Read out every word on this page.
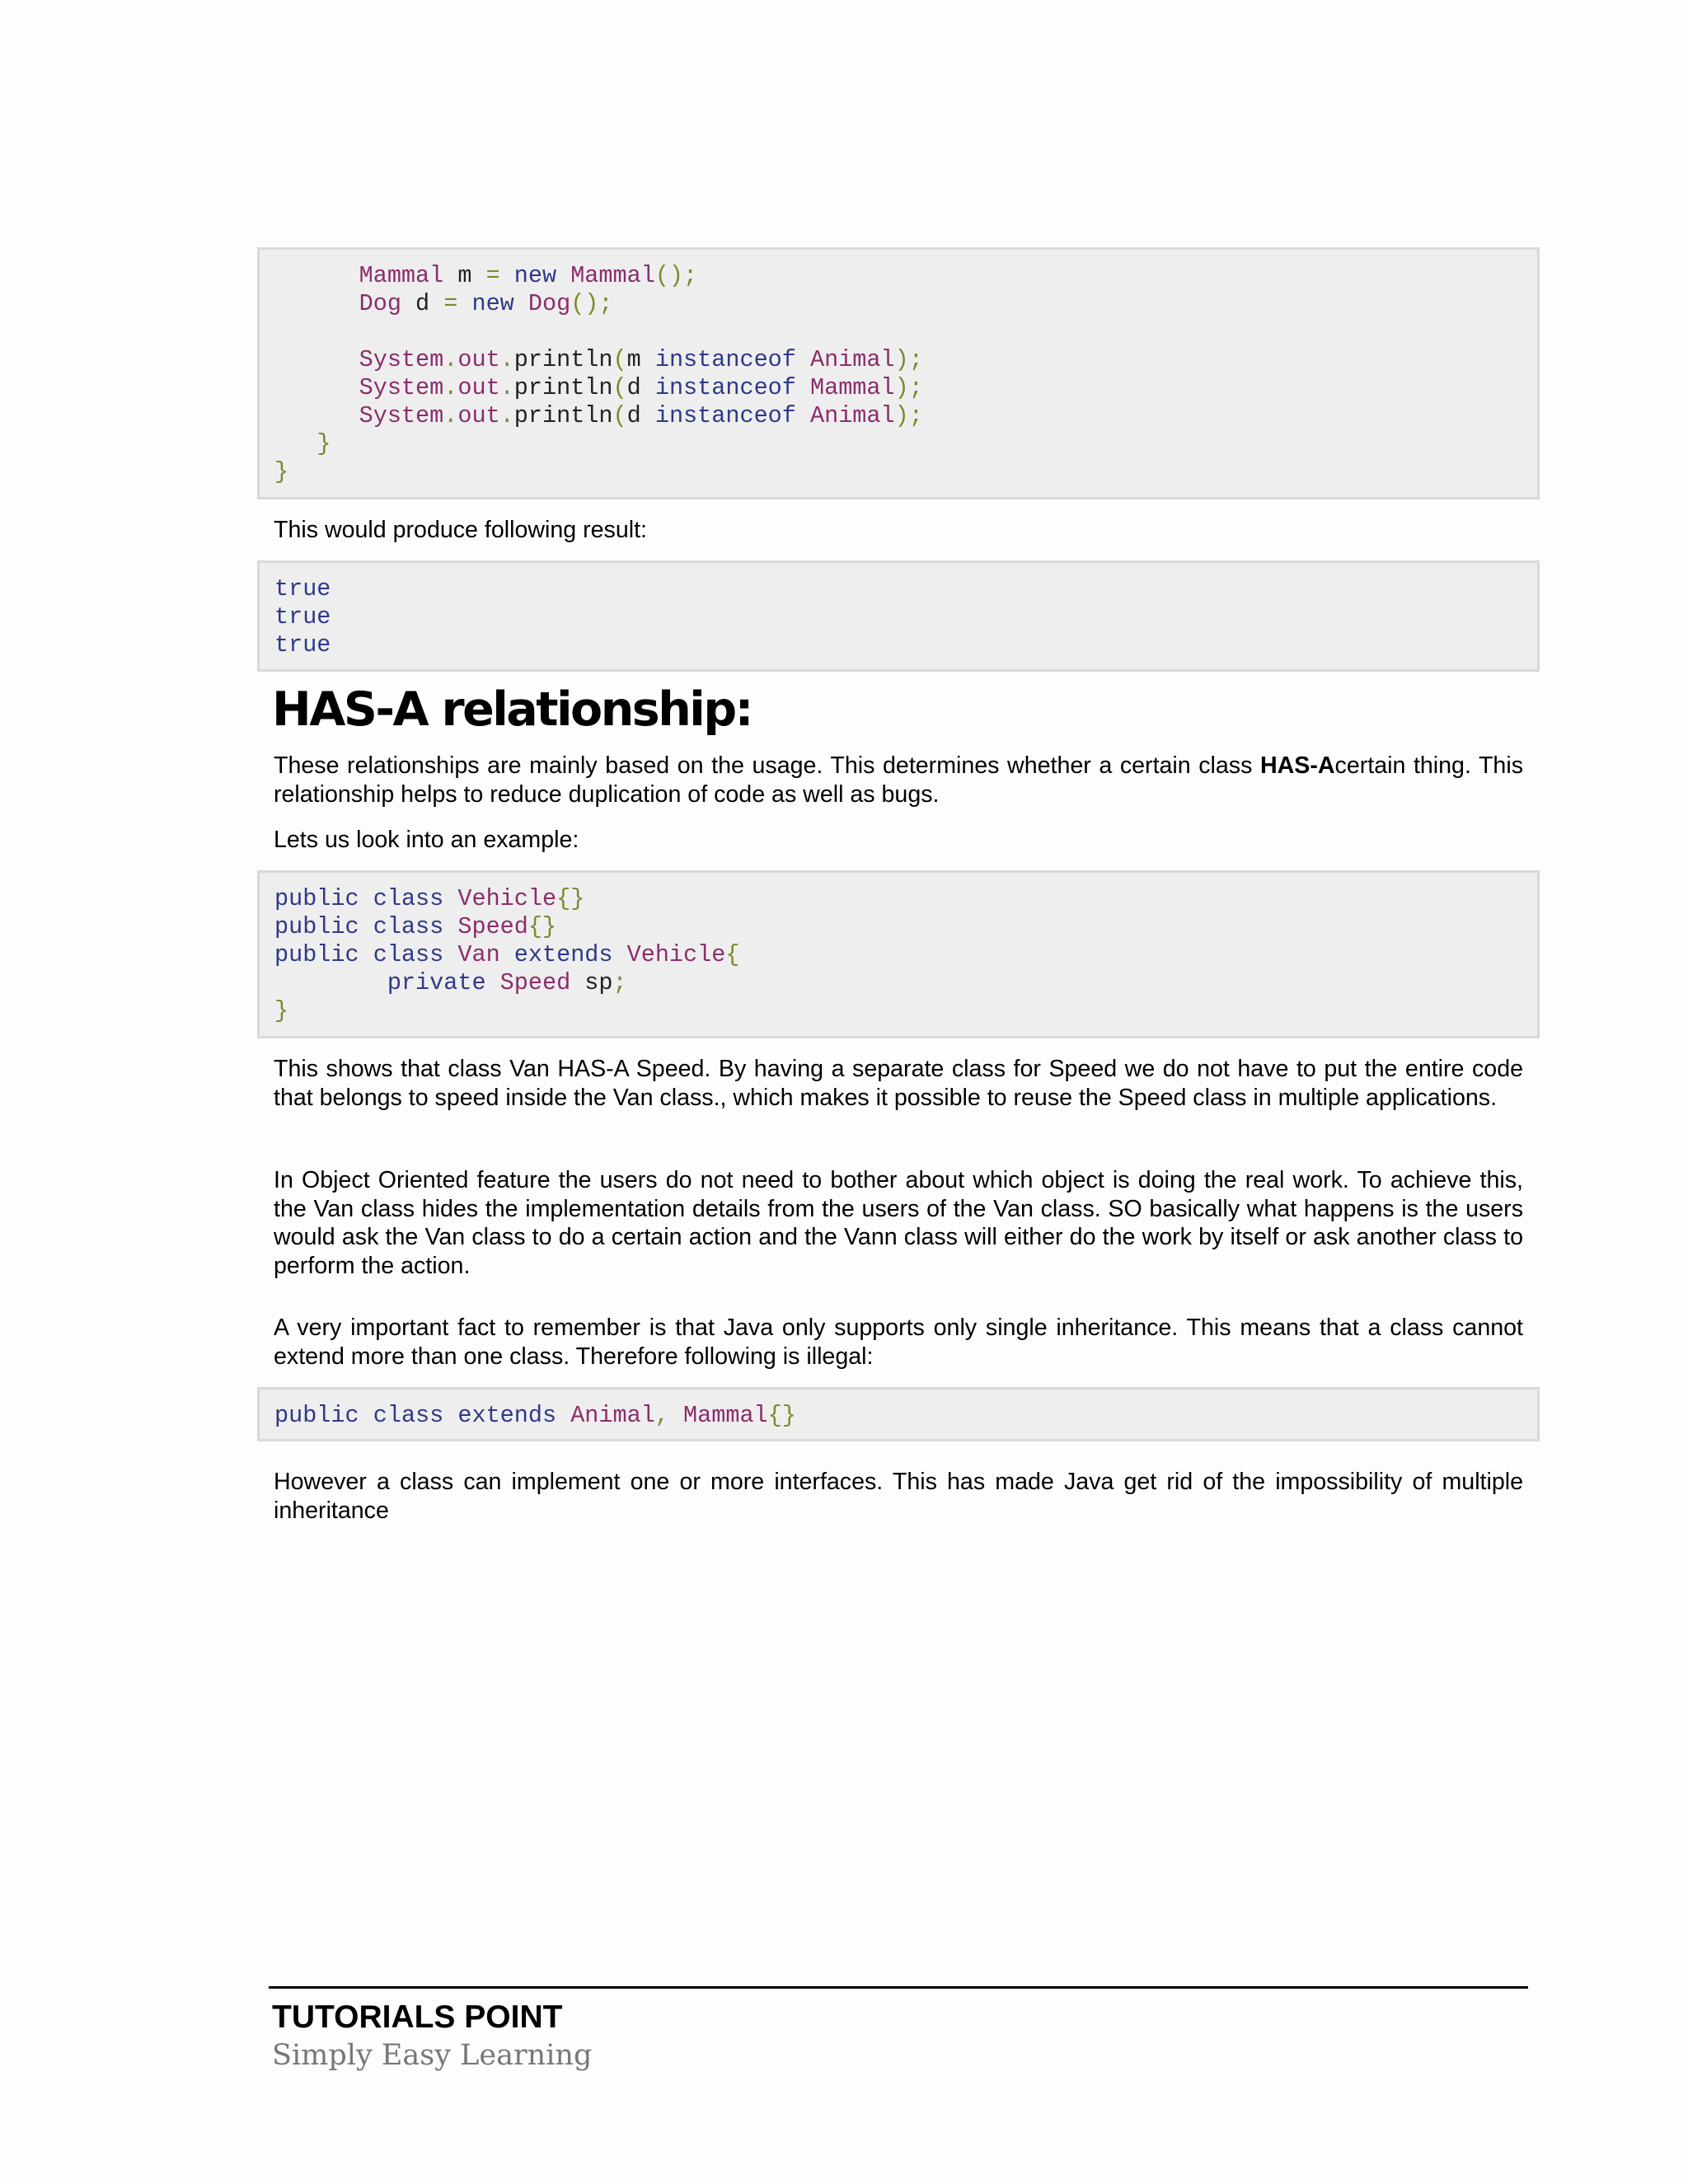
Mammal m = new Mammal();
Dog d = new Dog();
System.out.println(m instanceof Animal);
System.out.println(d instanceof Mammal);
System.out.println(d instanceof Animal);
}
}

This would produce following result:

true
true
true
HAS-A relationship:

These relationships are mainly based on the usage. This determines whether a certain class HAS-Acertain thing. This relationship helps to reduce duplication of code as well as bugs.

Lets us look into an example:

public class Vehicle{}
public class Speed{}
public class Van extends Vehicle{
private Speed sp;
}

This shows that class Van HAS-A Speed. By having a separate class for Speed we do not have to put the entire code that belongs to speed inside the Van class., which makes it possible to reuse the Speed class in multiple applications.

In Object Oriented feature the users do not need to bother about which object is doing the real work. To achieve this, the Van class hides the implementation details from the users of the Van class. SO basically what happens is the users would ask the Van class to do a certain action and the Vann class will either do the work by itself or ask another class to perform the action.

A very important fact to remember is that Java only supports only single inheritance. This means that a class cannot extend more than one class. Therefore following is illegal:

public class extends Animal, Mammal{}

However a class can implement one or more interfaces. This has made Java get rid of the impossibility of multiple inheritance

TUTORIALS POINT
Simply Easy Learning
